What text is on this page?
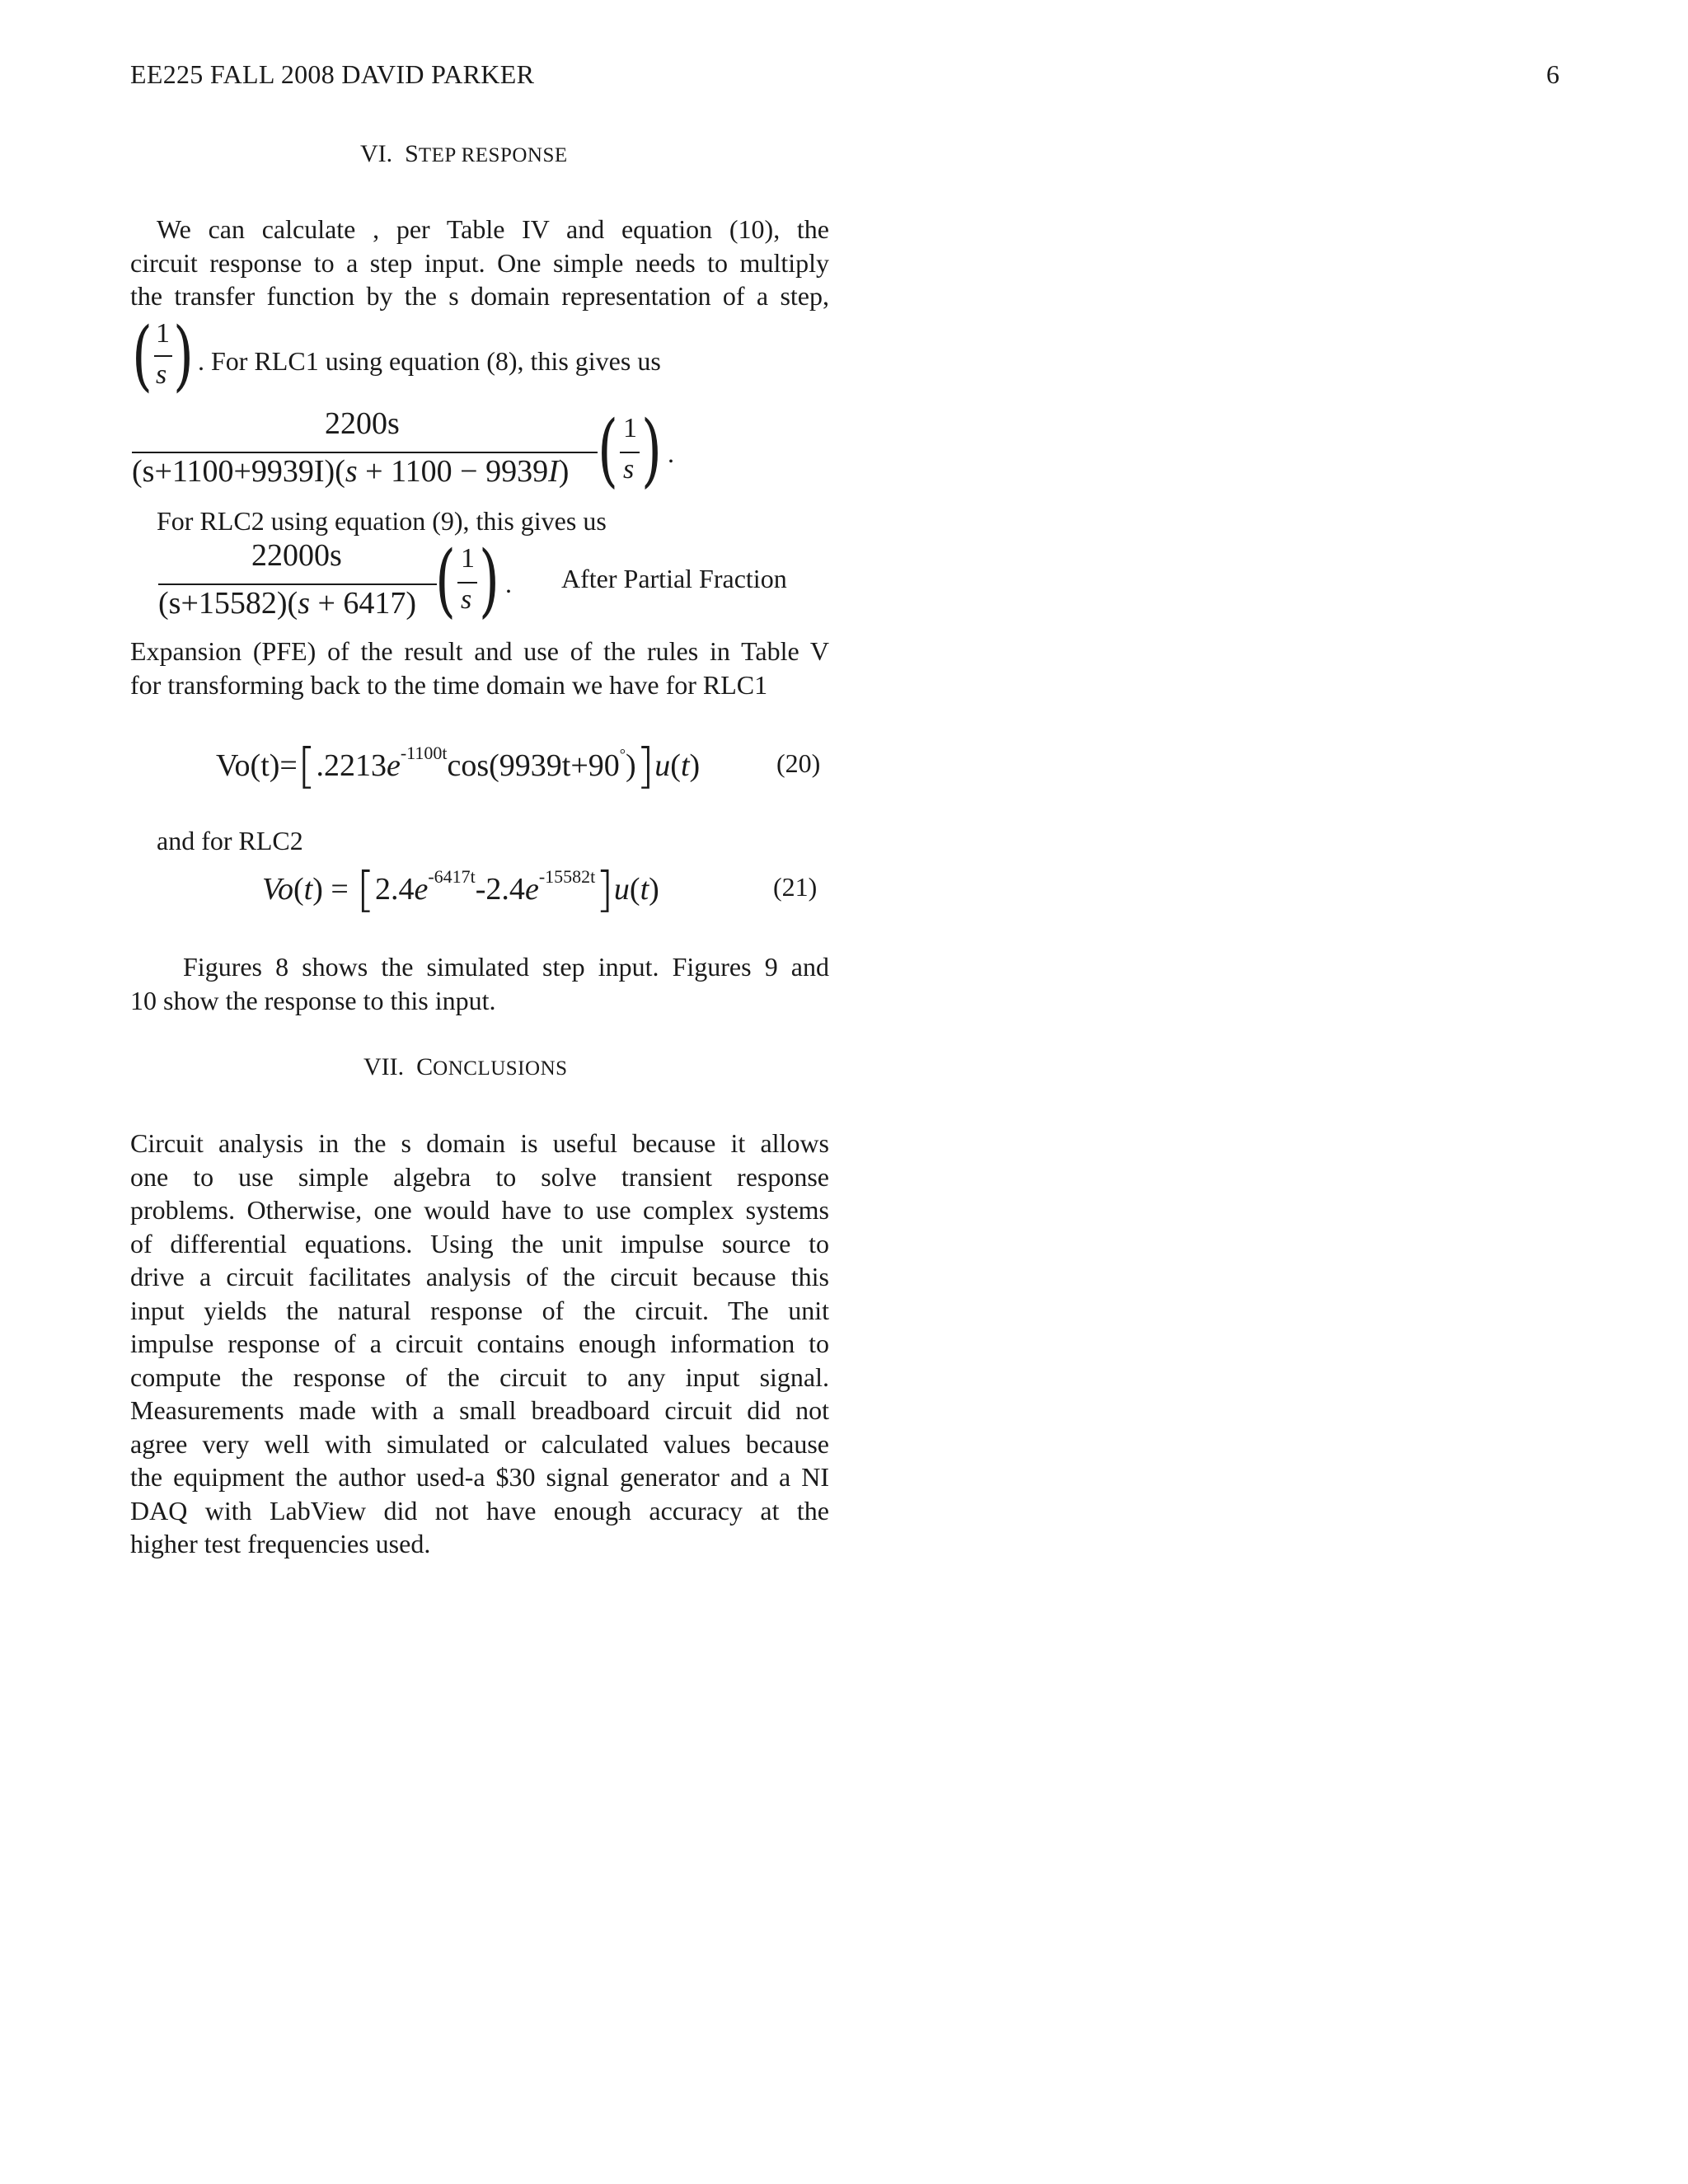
EE225 FALL 2008 DAVID PARKER	6
VI. STEP RESPONSE
We can calculate , per Table IV and equation (10), the
circuit response to a step input. One simple needs to multiply
the transfer function by the s domain representation of a step,
( 1
s ) . For RLC1 using equation (8), this gives us
2200s
(s+1100+9939I)(s + 1100 − 9939I) ( 1
s ) .
For RLC2 using equation (9), this gives us
22000s
(s+15582)(s + 6417) ( 1
s ) . After Partial Fraction
Expansion (PFE) of the result and use of the rules in Table V
for transforming back to the time domain we have for RLC1
$Vo(t)=[.2213e^{-1100t}\cos(9939t+90^\circ)]u(t)$	(20)
and for RLC2
$Vo(t) = [2.4e^{-6417t}-2.4e^{-15582t}]u(t)$	(21)
Figures 8 shows the simulated step input. Figures 9 and
10 show the response to this input.
VII. CONCLUSIONS
Circuit analysis in the s domain is useful because it allows
one to use simple algebra to solve transient response
problems. Otherwise, one would have to use complex systems
of differential equations. Using the unit impulse source to
drive a circuit facilitates analysis of the circuit because this
input yields the natural response of the circuit. The unit
impulse response of a circuit contains enough information to
compute the response of the circuit to any input signal.
Measurements made with a small breadboard circuit did not
agree very well with simulated or calculated values because
the equipment the author used-a $30 signal generator and a NI
DAQ with LabView did not have enough accuracy at the
higher test frequencies used.
